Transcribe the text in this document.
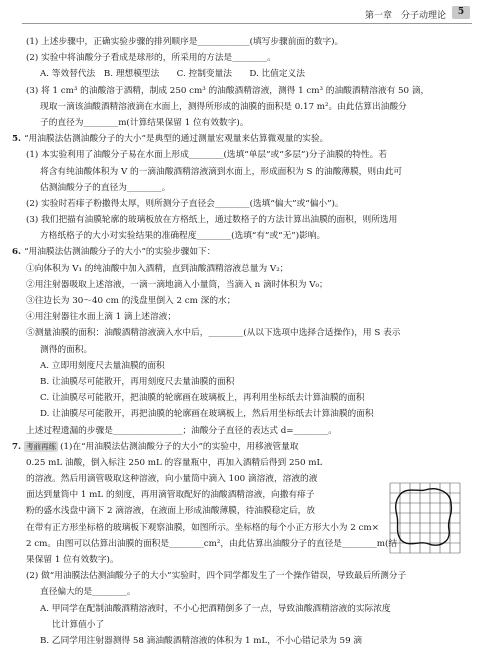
第一章　分子动理论	5
(1) 上述步骤中，正确实验步骤的排列顺序是____________(填写步骤前面的数字)。
(2) 实验中将油酸分子看成是球形的，所采用的方法是________。
A. 等效替代法　B. 理想模型法　　C. 控制变量法　　D. 比值定义法
(3) 将 1 cm³ 的油酸溶于酒精，制成 250 cm³ 的油酸酒精溶液，测得 1 cm³ 的油酸酒精溶液有 50 滴，
现取一滴该油酸酒精溶液滴在水面上，测得所形成的油膜的面积是 0.17 m²。由此估算出油酸分
子的直径为________m(计算结果保留 1 位有效数字)。
5. “用油膜法估测油酸分子的大小”是典型的通过测量宏观量来估算微观量的实验。
(1) 本实验利用了油酸分子易在水面上形成________(选填“单层”或“多层”)分子油膜的特性。若
将含有纯油酸体积为 V 的一滴油酸酒精溶液滴到水面上，形成面积为 S 的油酸薄膜，则由此可
估测油酸分子的直径为________。
(2) 实验时若痱子粉撒得太厚，则所测分子直径会________(选填“偏大”或“偏小”)。
(3) 我们把描有油膜轮廓的玻璃板放在方格纸上，通过数格子的方法计算出油膜的面积，则所选用
方格纸格子的大小对实验结果的准确程度________(选填“有”或“无”)影响。
6. “用油膜法估测油酸分子的大小”的实验步骤如下：
①向体积为 V₁ 的纯油酸中加入酒精，直到油酸酒精溶液总量为 V₂；
②用注射器吸取上述溶液，一滴一滴地滴入小量筒，当滴入 n 滴时体积为 V₀；
③往边长为 30～40 cm 的浅盘里倒入 2 cm 深的水；
④用注射器往水面上滴 1 滴上述溶液；
⑤测量油膜的面积：油酸酒精溶液滴入水中后，________(从以下选项中选择合适操作)，用 S 表示
测得的面积。
A. 立即用刻度尺去量油膜的面积
B. 让油膜尽可能散开，再用刻度尺去量油膜的面积
C. 让油膜尽可能散开，把油膜的轮廓画在玻璃板上，再利用坐标纸去计算油膜的面积
D. 让油膜尽可能散开，再把油膜的轮廓画在玻璃板上，然后用坐标纸去计算油膜的面积
上述过程遗漏的步骤是________________；油酸分子直径的表达式 d=________。
7. 考前再练 (1)在“用油膜法估测油酸分子的大小”的实验中，用移液管量取
0.25 mL 油酸，倒入标注 250 mL 的容量瓶中，再加入酒精后得到 250 mL
的溶液。然后用滴管吸取这种溶液，向小量筒中滴入 100 滴溶液，溶液的液
面达到量筒中 1 mL 的刻度，再用滴管取配好的油酸酒精溶液，向撒有痱子
粉的盛水浅盘中滴下 2 滴溶液，在液面上形成油酸薄膜，待油膜稳定后，放
在带有正方形坐标格的玻璃板下观察油膜，如图所示。坐标格的每个小正方形大小为 2 cm×
2 cm。由图可以估算出油膜的面积是________cm²，由此估算出油酸分子的直径是________m(结
果保留 1 位有效数字)。
(2) 做“用油膜法估测油酸分子的大小”实验时，四个同学都发生了一个操作错误，导致最后所测分子
直径偏大的是________。
A. 甲同学在配制油酸酒精溶液时，不小心把酒精倒多了一点，导致油酸酒精溶液的实际浓度
比计算值小了
B. 乙同学用注射器测得 58 滴油酸酒精溶液的体积为 1 mL，不小心错记录为 59 滴
